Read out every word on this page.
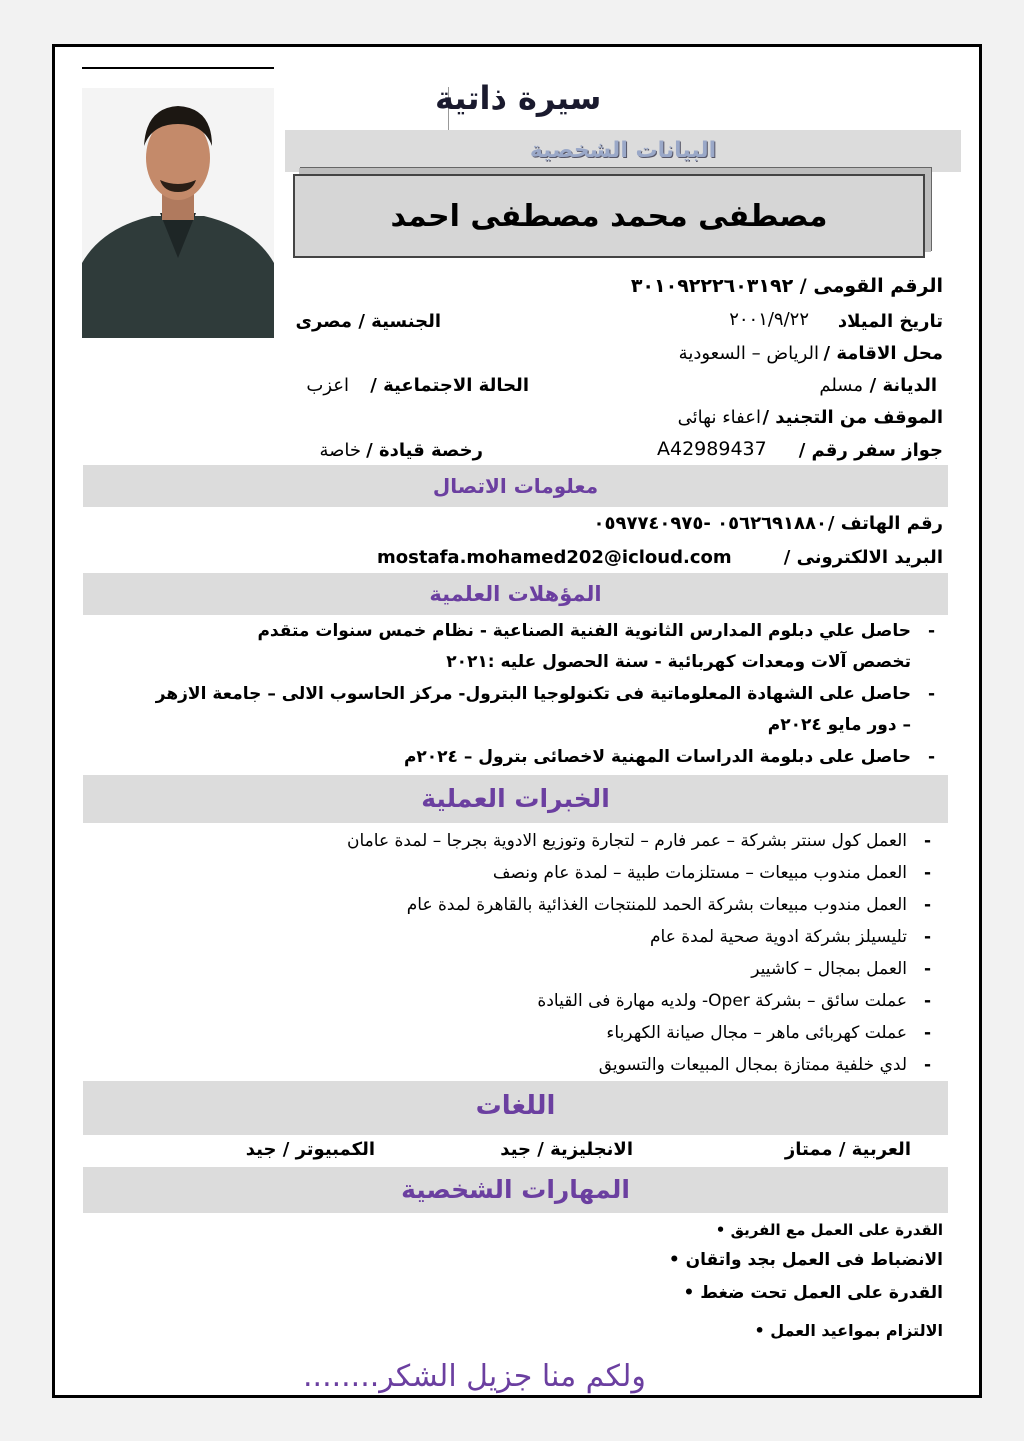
سيرة ذاتية
البيانات الشخصية
مصطفى محمد مصطفى احمد
الرقم القومى / ٣٠١٠٩٢٢٢٦٠٣١٩٢
تاريخ الميلاد
٢٠٠١/٩/٢٢
الجنسية / مصرى
محل الاقامة /
الرياض – السعودية
الديانة /
مسلم
الحالة الاجتماعية /
اعزب
الموقف من التجنيد /
اعفاء نهائى
جواز سفر رقم /
A42989437
رخصة قيادة /
خاصة
معلومات الاتصال
رقم الهاتف /
٠٥٦٢٦٩١٨٨٠ -٠٥٩٧٧٤٠٩٧٥
البريد الالكترونى /
mostafa.mohamed202@icloud.com
المؤهلات العلمية
- حاصل علي دبلوم المدارس الثانوية الفنية الصناعية - نظام خمس سنوات متقدم
تخصص آلات ومعدات كهربائية - سنة الحصول عليه :٢٠٢١
- حاصل على الشهادة المعلوماتية فى تكنولوجيا البترول- مركز الحاسوب الالى – جامعة الازهر
– دور مايو ٢٠٢٤م
- حاصل على دبلومة الدراسات المهنية لاخصائى بترول – ٢٠٢٤م
الخبرات العملية
- العمل كول سنتر بشركة – عمر فارم – لتجارة وتوزيع الادوية بجرجا – لمدة عامان
- العمل مندوب مبيعات – مستلزمات طبية – لمدة عام ونصف
- العمل مندوب مبيعات بشركة الحمد للمنتجات الغذائية بالقاهرة لمدة عام
- تليسيلز بشركة ادوية صحية لمدة عام
- العمل بمجال – كاشيير
- عملت سائق – بشركة Oper- ولديه مهارة فى القيادة
- عملت كهربائى ماهر – مجال صيانة الكهرباء
- لدي خلفية ممتازة بمجال المبيعات والتسويق
اللغات
العربية / ممتاز
الانجليزية / جيد
الكمبيوتر / جيد
المهارات الشخصية
القدرة على العمل مع الفريق •
الانضباط فى العمل بجد واتقان •
القدرة على العمل تحت ضغط •
الالتزام بمواعيد العمل •
ولكم منا جزيل الشكر........
